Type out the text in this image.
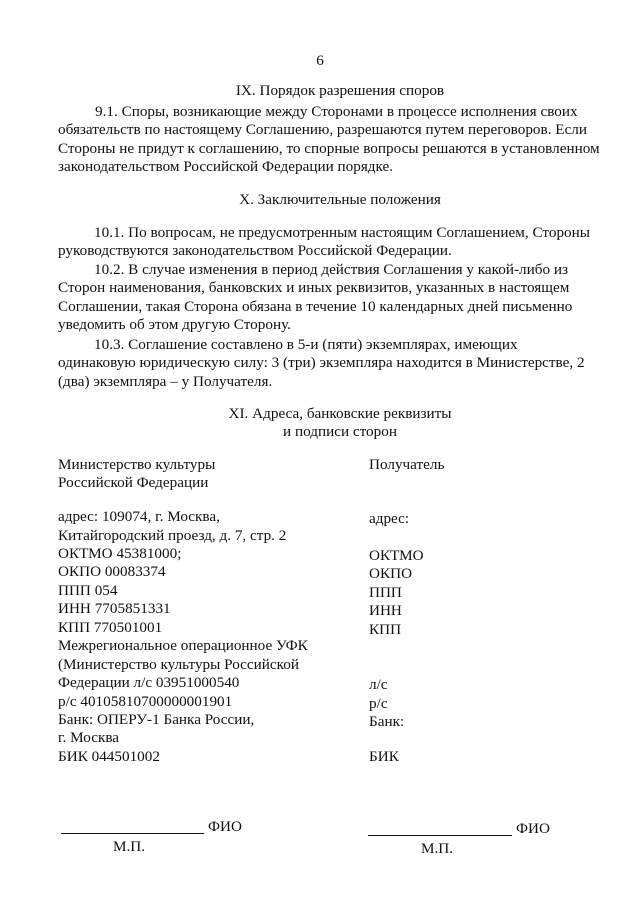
6
IX. Порядок разрешения споров
9.1. Споры, возникающие между Сторонами в процессе исполнения своих
обязательств по настоящему Соглашению, разрешаются путем переговоров. Если
Стороны не придут к соглашению, то спорные вопросы решаются в установленном
законодательством Российской Федерации порядке.
X. Заключительные положения
10.1. По вопросам, не предусмотренным настоящим Соглашением, Стороны
руководствуются законодательством Российской Федерации.
10.2. В случае изменения в период действия Соглашения у какой-либо из
Сторон наименования, банковских и иных реквизитов, указанных в настоящем
Соглашении, такая Сторона обязана в течение 10 календарных дней письменно
уведомить об этом другую Сторону.
10.3. Соглашение составлено в 5-и (пяти) экземплярах, имеющих
одинаковую юридическую силу: 3 (три) экземпляра находится в Министерстве, 2
(два) экземпляра – у Получателя.
XI. Адреса, банковские реквизиты
и подписи сторон
Министерство культуры
Российской Федерации
адрес: 109074, г. Москва,
Китайгородский проезд, д. 7, стр. 2
ОКТМО 45381000;
ОКПО 00083374
ППП 054
ИНН 7705851331
КПП 770501001
Межрегиональное операционное УФК
(Министерство культуры Российской
Федерации л/с 03951000540
р/с 40105810700000001901
Банк: ОПЕРУ-1 Банка России,
г. Москва
БИК 044501002
Получатель
адрес:
ОКТМО
ОКПО
ППП
ИНН
КПП
л/с
р/с
Банк:
БИК
ФИО
М.П.
ФИО
М.П.
